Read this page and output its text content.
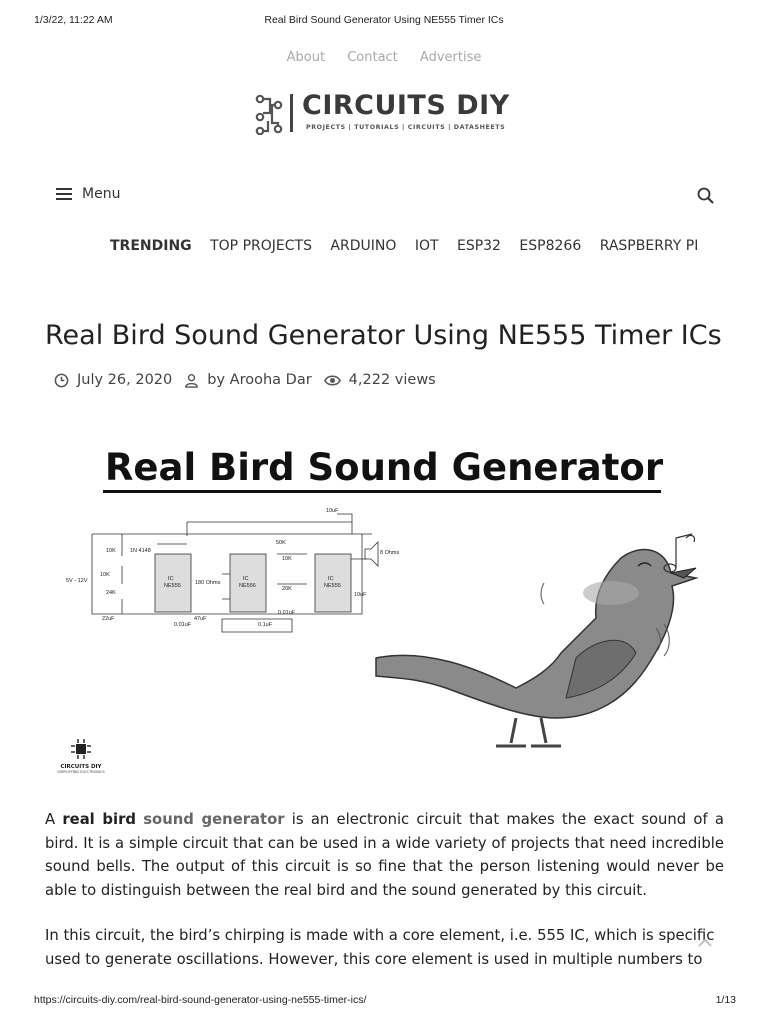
1/3/22, 11:22 AM	Real Bird Sound Generator Using NE555 Timer ICs
About Contact Advertise
CIRCUITS DIY
PROJECTS | TUTORIALS | CIRCUITS | DATASHEETS
Menu
TRENDING TOP PROJECTS ARDUINO IOT ESP32 ESP8266 RASPBERRY PI
Real Bird Sound Generator Using NE555 Timer ICs
July 26, 2020 by Arooha Dar	4,222 views
Real Bird Sound Generator
IC
NE555
IC
NE556
IC
NE555
10K	1N 4148
10K
24K
5V - 12V
22uF
0.01uF
180 Ohms
47uF
0.1uF
50K
10K
20K
0.01uF
10uF
10uF
8 Ohms
CIRCUITS DIY
SIMPLIFYING ELECTRONICS

A real bird sound generator is an electronic circuit that makes the exact sound of a bird. It is a simple circuit that can be used in a wide variety of projects that need incredible sound bells. The output of this circuit is so fine that the person listening would never be able to distinguish between the real bird and the sound generated by this circuit.

In this circuit, the bird’s chirping is made with a core element, i.e. 555 IC, which is specific used to generate oscillations. However, this core element is used in multiple numbers to

https://circuits-diy.com/real-bird-sound-generator-using-ne555-timer-ics/	1/13
